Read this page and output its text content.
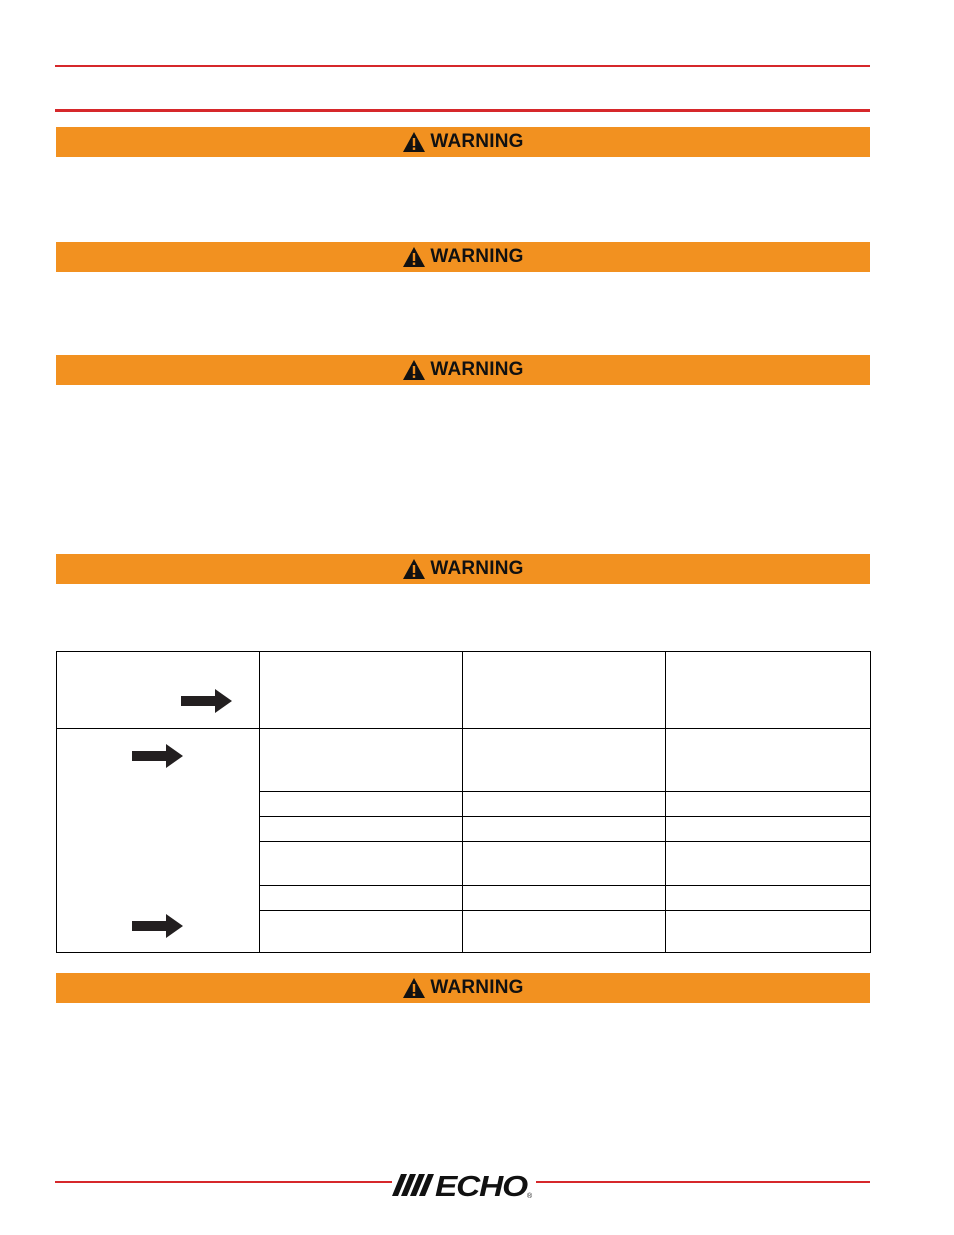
WARNING
WARNING
WARNING
WARNING

WARNING
ECHO
®
